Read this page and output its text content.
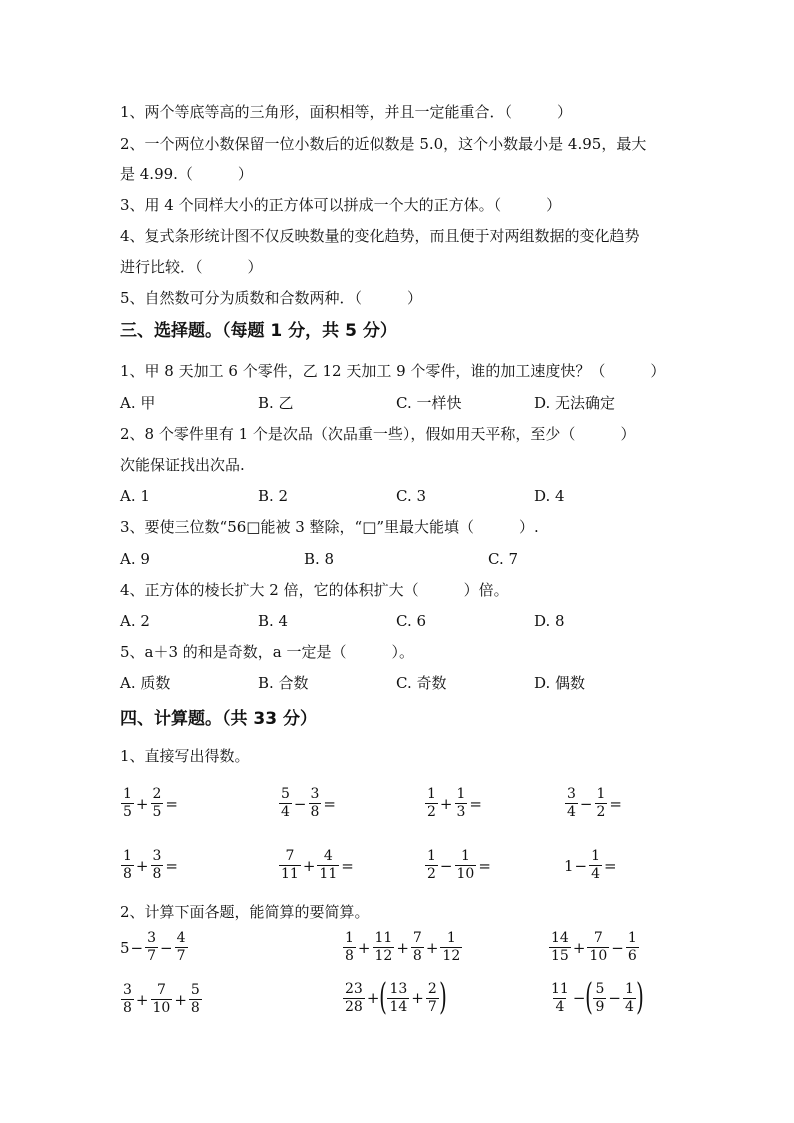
1、两个等底等高的三角形，面积相等，并且一定能重合．（　　　）
2、一个两位小数保留一位小数后的近似数是 5.0，这个小数最小是 4.95，最大
是 4.99.（　　　）
3、用 4 个同样大小的正方体可以拼成一个大的正方体。（　　　）
4、复式条形统计图不仅反映数量的变化趋势，而且便于对两组数据的变化趋势
进行比较．（　　　）
5、自然数可分为质数和合数两种．（　　　）
三、选择题。（每题 1 分，共 5 分）
1、甲 8 天加工 6 个零件，乙 12 天加工 9 个零件，谁的加工速度快？（　　　）
A. 甲	B. 乙	C. 一样快	D. 无法确定
2、8 个零件里有 1 个是次品（次品重一些），假如用天平称，至少（　　　）
次能保证找出次品.
A. 1	B. 2	C. 3	D. 4
3、要使三位数“56□能被 3 整除，“□”里最大能填（　　　）.
A. 9	B. 8	C. 7
4、正方体的棱长扩大 2 倍，它的体积扩大（　　　）倍。
A. 2	B. 4	C. 6	D. 8
5、a＋3 的和是奇数，a 一定是（　　　）。
A. 质数	B. 合数	C. 奇数	D. 偶数
四、计算题。（共 33 分）
1、直接写出得数。
$\frac{1}{5} + \frac{2}{5}$ =	$\frac{5}{4} - \frac{3}{8}$ =	$\frac{1}{2} + \frac{1}{3}$ =	$\frac{3}{4} - \frac{1}{2}$ =
$\frac{1}{8} + \frac{3}{8}$ =	$\frac{7}{11} + \frac{4}{11}$ =	$\frac{1}{2} - \frac{1}{10}$ =	$1 - \frac{1}{4}$ =
2、计算下面各题，能简算的要简算。
$5 - \frac{3}{7} - \frac{4}{7}$	$\frac{1}{8} + \frac{11}{12} + \frac{7}{8} + \frac{1}{12}$	$\frac{14}{15} + \frac{7}{10} - \frac{1}{6}$
$\frac{3}{8} + \frac{7}{10} + \frac{5}{8}$	$\frac{23}{28}$ + ( $\frac{13}{14} + \frac{2}{7}$ )	$\frac{11}{4}$ − ( $\frac{5}{9} - \frac{1}{4}$ )
